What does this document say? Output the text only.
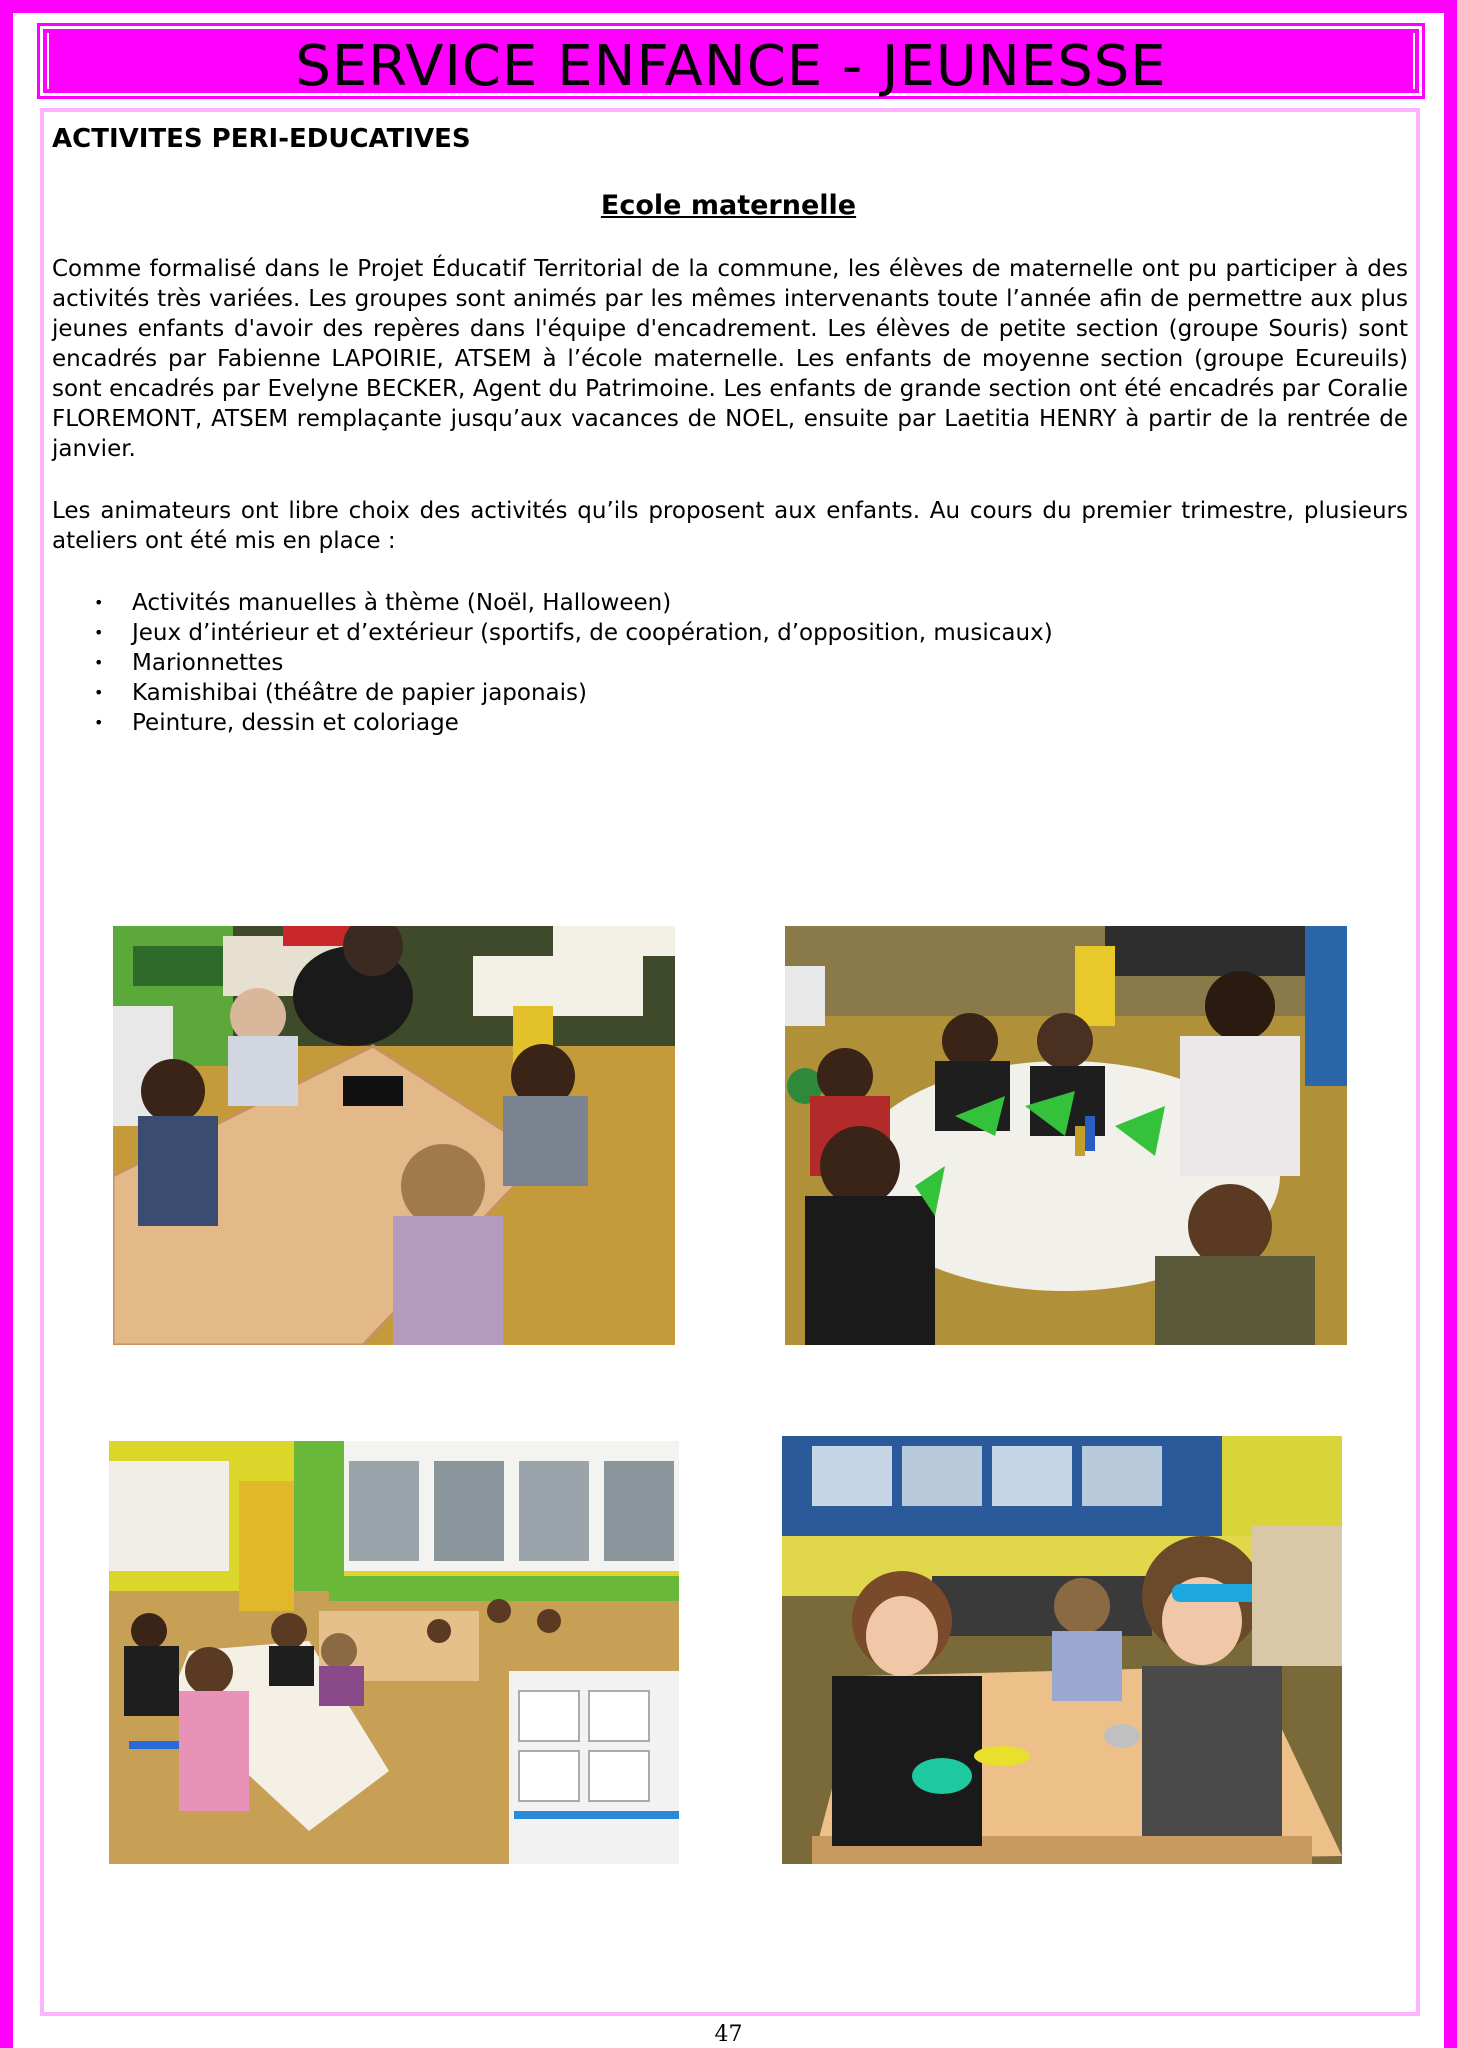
SERVICE ENFANCE - JEUNESSE
ACTIVITES PERI-EDUCATIVES
Ecole maternelle

Comme formalisé dans le Projet Éducatif Territorial de la commune, les élèves de maternelle ont pu participer à des activités très variées. Les groupes sont animés par les mêmes intervenants toute l’année afin de permettre aux plus jeunes enfants d'avoir des repères dans l'équipe d'encadrement. Les élèves de petite section (groupe Souris) sont encadrés par Fabienne LAPOIRIE, ATSEM à l’école maternelle. Les enfants de moyenne section (groupe Ecureuils) sont encadrés par Evelyne BECKER, Agent du Patrimoine. Les enfants de grande section ont été encadrés par Coralie FLOREMONT, ATSEM remplaçante jusqu’aux vacances de NOEL, ensuite par Laetitia HENRY à partir de la rentrée de janvier.

Les animateurs ont libre choix des activités qu’ils proposent aux enfants. Au cours du premier trimestre, plusieurs ateliers ont été mis en place :

• Activités manuelles à thème (Noël, Halloween)
• Jeux d’intérieur et d’extérieur (sportifs, de coopération, d’opposition, musicaux)
• Marionnettes
• Kamishibai (théâtre de papier japonais)
• Peinture, dessin et coloriage
47
